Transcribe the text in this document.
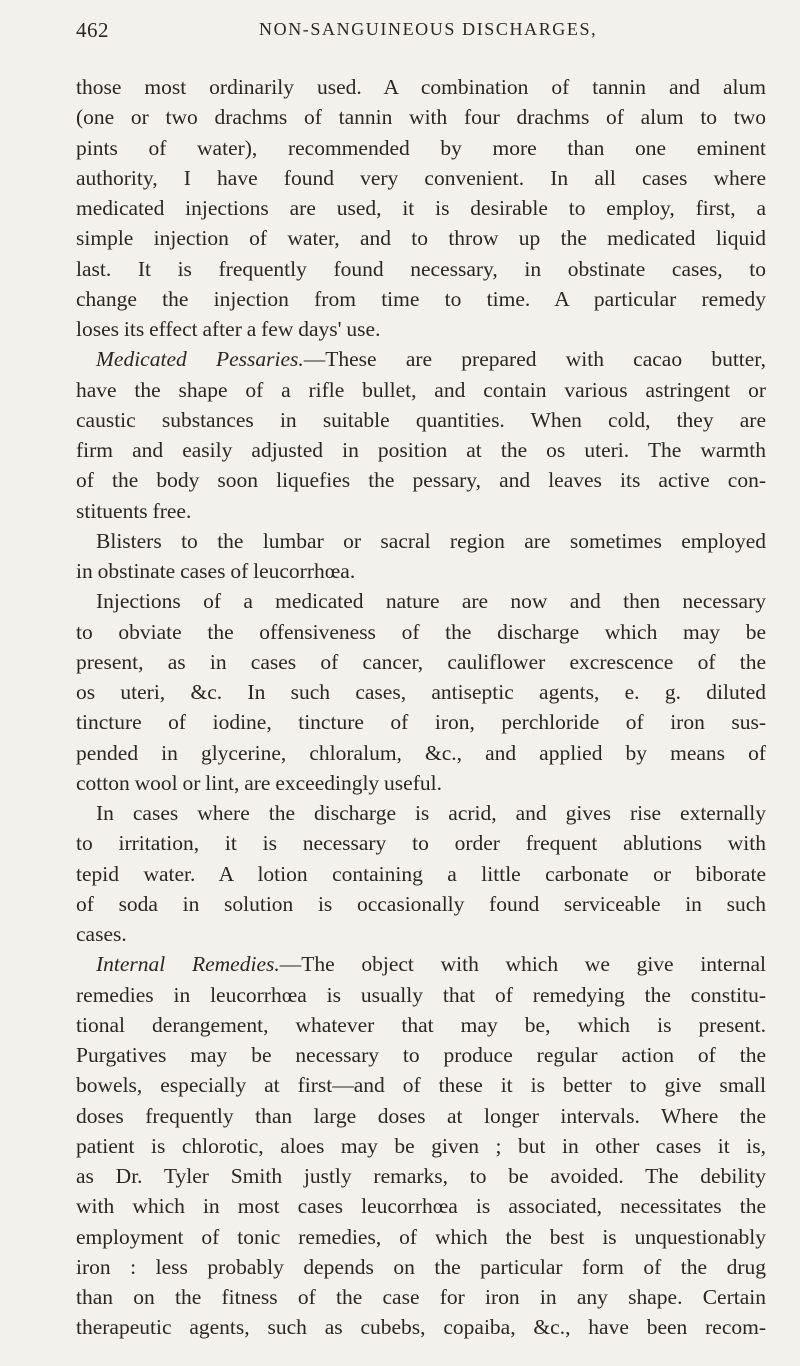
462	NON-SANGUINEOUS DISCHARGES,
those most ordinarily used. A combination of tannin and alum
(one or two drachms of tannin with four drachms of alum to two
pints of water), recommended by more than one eminent
authority, I have found very convenient. In all cases where
medicated injections are used, it is desirable to employ, first, a
simple injection of water, and to throw up the medicated liquid
last. It is frequently found necessary, in obstinate cases, to
change the injection from time to time. A particular remedy
loses its effect after a few days' use.
Medicated Pessaries.—These are prepared with cacao butter,
have the shape of a rifle bullet, and contain various astringent or
caustic substances in suitable quantities. When cold, they are
firm and easily adjusted in position at the os uteri. The warmth
of the body soon liquefies the pessary, and leaves its active con-
stituents free.
Blisters to the lumbar or sacral region are sometimes employed
in obstinate cases of leucorrhœa.
Injections of a medicated nature are now and then necessary
to obviate the offensiveness of the discharge which may be
present, as in cases of cancer, cauliflower excrescence of the
os uteri, &c. In such cases, antiseptic agents, e. g. diluted
tincture of iodine, tincture of iron, perchloride of iron sus-
pended in glycerine, chloralum, &c., and applied by means of
cotton wool or lint, are exceedingly useful.
In cases where the discharge is acrid, and gives rise externally
to irritation, it is necessary to order frequent ablutions with
tepid water. A lotion containing a little carbonate or biborate
of soda in solution is occasionally found serviceable in such
cases.
Internal Remedies.—The object with which we give internal
remedies in leucorrhœa is usually that of remedying the constitu-
tional derangement, whatever that may be, which is present.
Purgatives may be necessary to produce regular action of the
bowels, especially at first—and of these it is better to give small
doses frequently than large doses at longer intervals. Where the
patient is chlorotic, aloes may be given ; but in other cases it is,
as Dr. Tyler Smith justly remarks, to be avoided. The debility
with which in most cases leucorrhœa is associated, necessitates the
employment of tonic remedies, of which the best is unquestionably
iron : less probably depends on the particular form of the drug
than on the fitness of the case for iron in any shape. Certain
therapeutic agents, such as cubebs, copaiba, &c., have been recom-
